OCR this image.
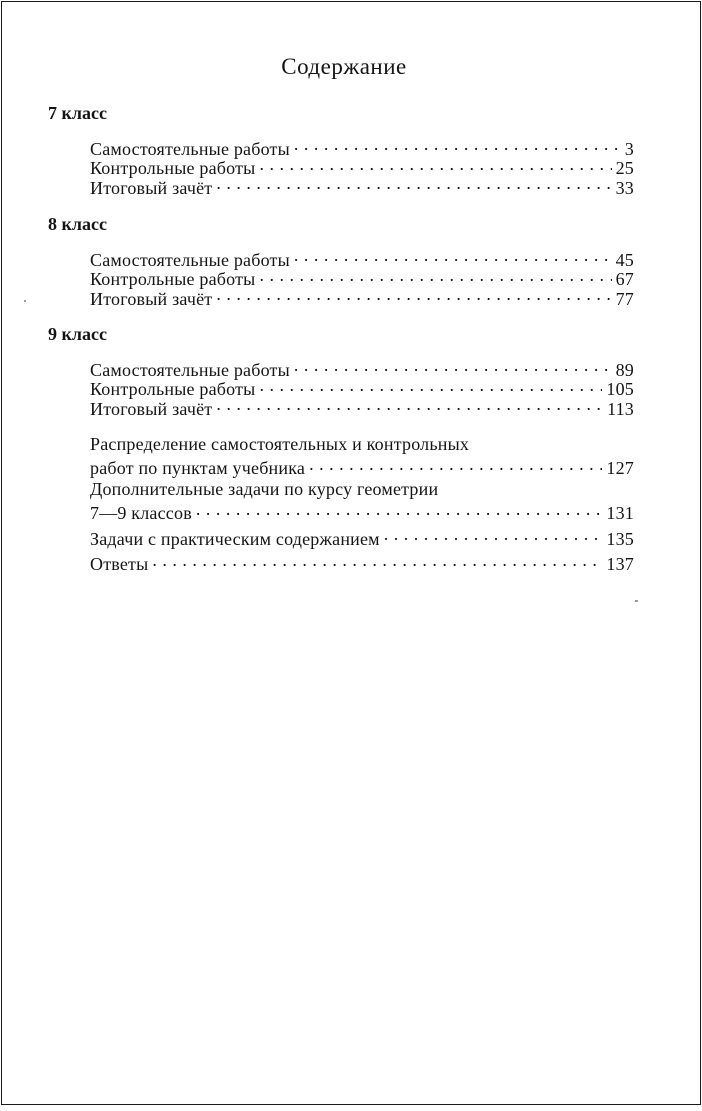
Содержание
7 класс
Самостоятельные работы . . .	3
Контрольные работы . . .	25
Итоговый зачёт . . .	33
8 класс
Самостоятельные работы . . .	45
Контрольные работы . . .	67
Итоговый зачёт . . .	77
9 класс
Самостоятельные работы . . .	89
Контрольные работы . . .	105
Итоговый зачёт . . .	113
Распределение самостоятельных и контрольных
работ по пунктам учебника . . .	127
Дополнительные задачи по курсу геометрии
7—9 классов . . .	131
Задачи с практическим содержанием . . .	135
Ответы . . .	137
